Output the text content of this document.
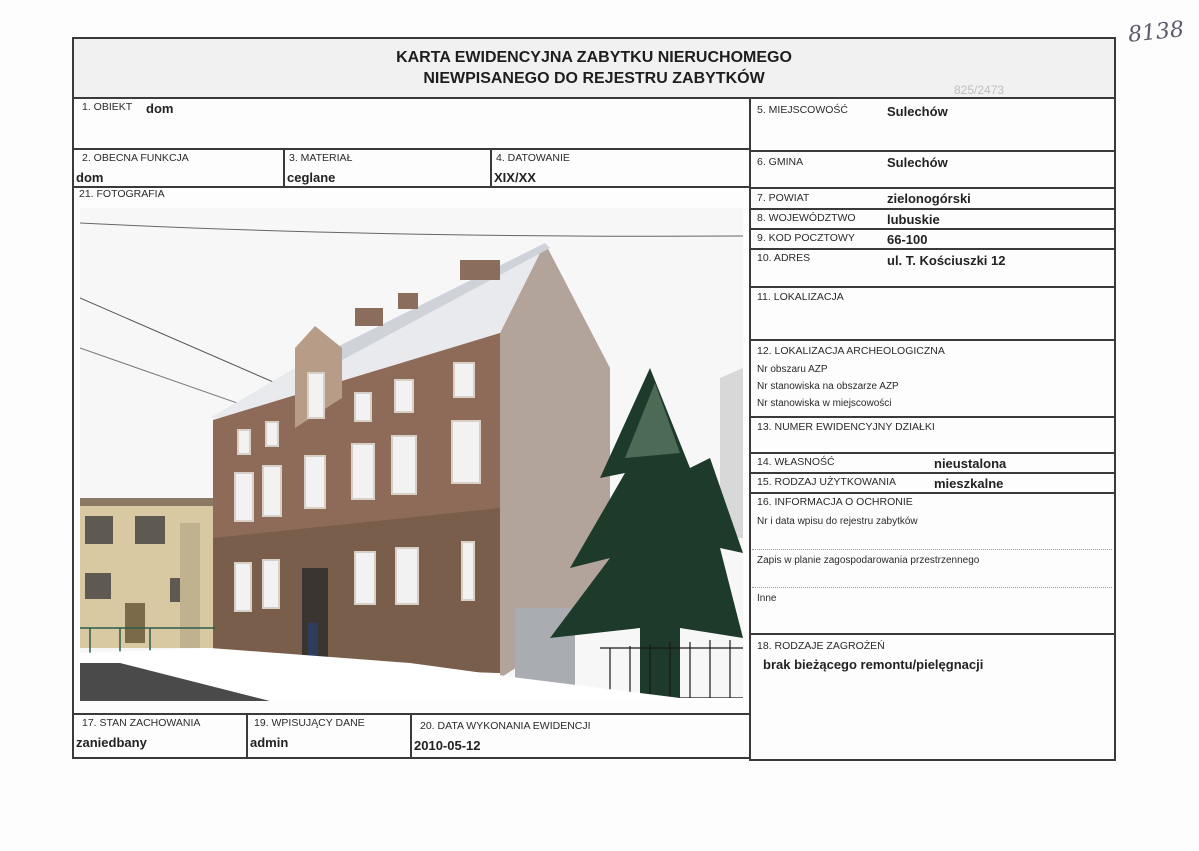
8138
825/2473
KARTA EWIDENCYJNA ZABYTKU NIERUCHOMEGO
NIEWPISANEGO DO REJESTRU ZABYTKÓW
1. OBIEKT dom
2. OBECNA FUNKCJA
dom
3. MATERIAŁ
ceglane
4. DATOWANIE
XIX/XX
21. FOTOGRAFIA
17. STAN ZACHOWANIA
zaniedbany
19. WPISUJĄCY DANE
admin
20. DATA WYKONANIA EWIDENCJI
2010-05-12
5. MIEJSCOWOŚĆ	Sulechów
6. GMINA	Sulechów
7. POWIAT	zielonogórski
8. WOJEWÓDZTWO lubuskie
9. KOD POCZTOWY 66-100
10. ADRES	ul. T. Kościuszki 12
11. LOKALIZACJA
12. LOKALIZACJA ARCHEOLOGICZNA
Nr obszaru AZP
Nr stanowiska na obszarze AZP
Nr stanowiska w miejscowości
13. NUMER EWIDENCYJNY DZIAŁKI
14. WŁASNOŚĆ	nieustalona
15. RODZAJ UŻYTKOWANIA	mieszkalne
16. INFORMACJA O OCHRONIE
Nr i data wpisu do rejestru zabytków
Zapis w planie zagospodarowania przestrzennego
Inne
18. RODZAJE ZAGROŻEŃ
brak bieżącego remontu/pielęgnacji
